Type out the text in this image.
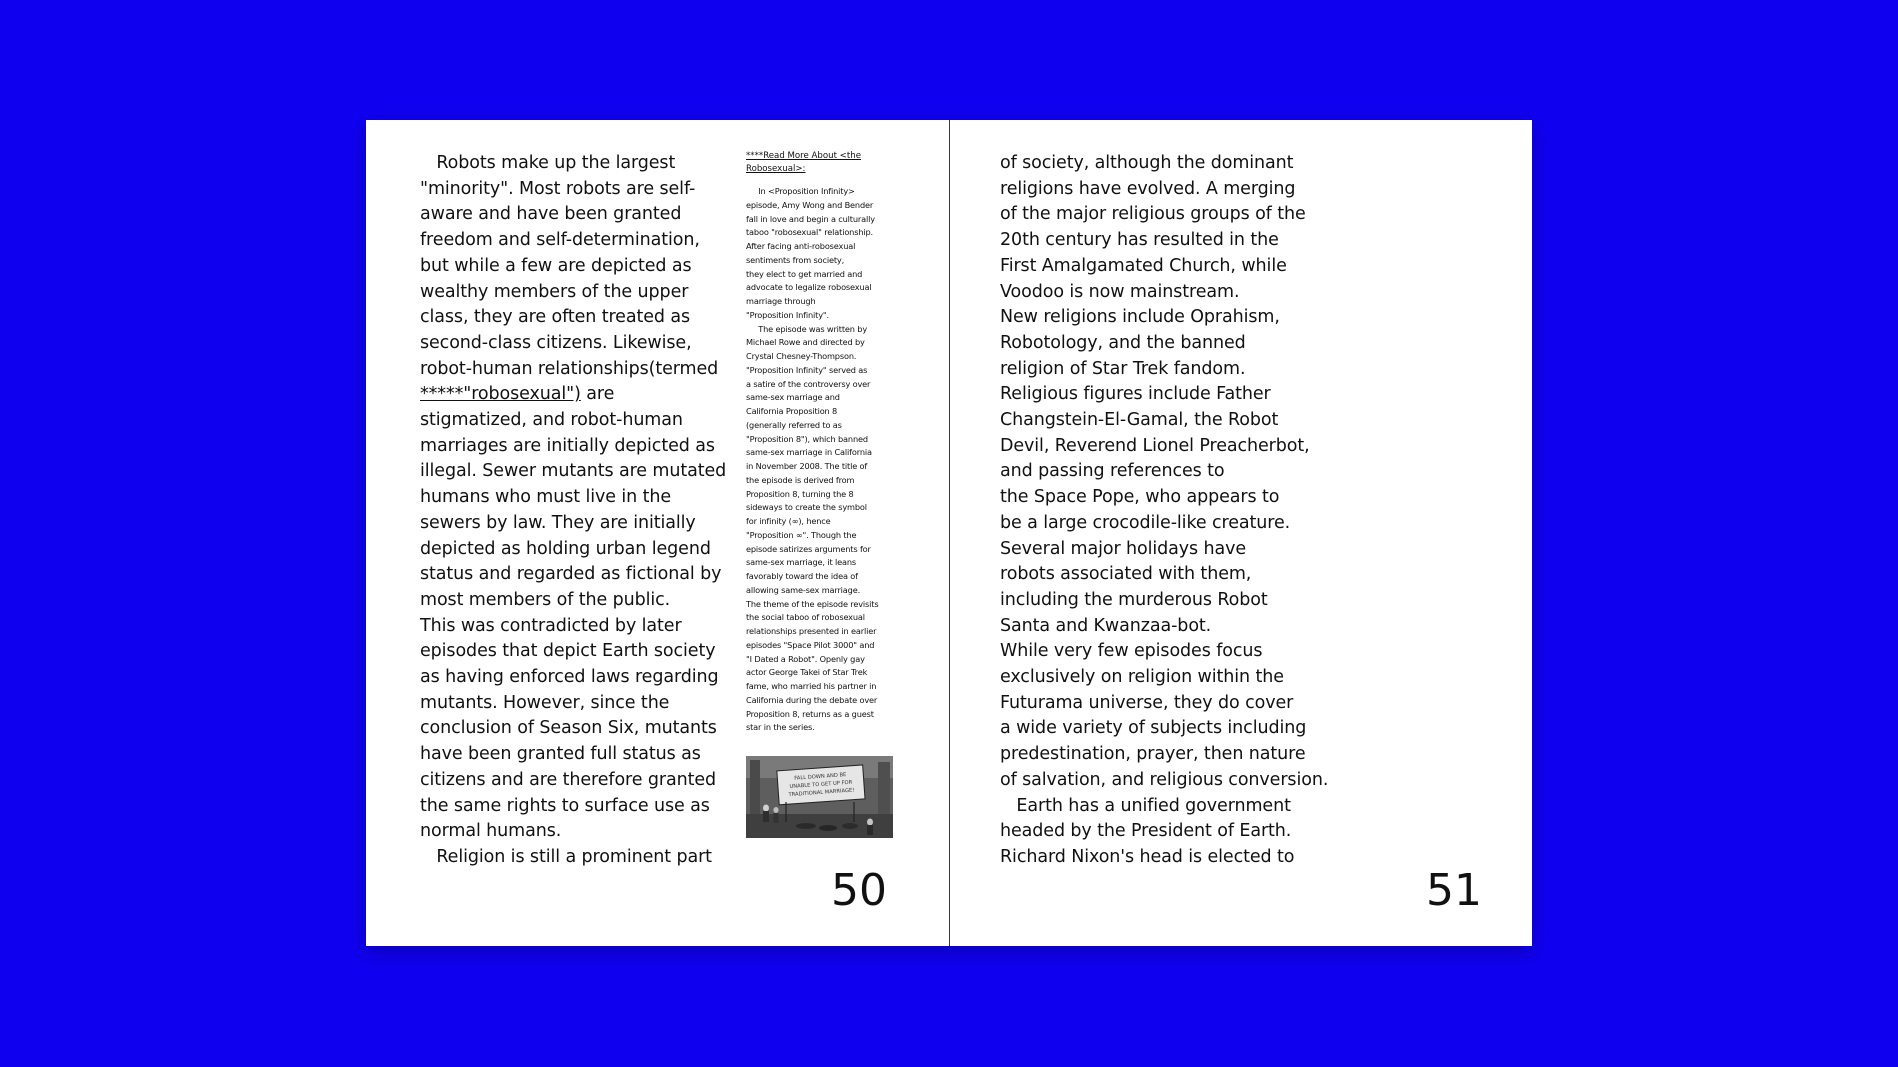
Robots make up the largest
"minority". Most robots are self-
aware and have been granted
freedom and self-determination,
but while a few are depicted as
wealthy members of the upper
class, they are often treated as
second-class citizens. Likewise,
robot-human relationships(termed
*****"robosexual") are
stigmatized, and robot-human
marriages are initially depicted as
illegal. Sewer mutants are mutated
humans who must live in the
sewers by law. They are initially
depicted as holding urban legend
status and regarded as fictional by
most members of the public.
This was contradicted by later
episodes that depict Earth society
as having enforced laws regarding
mutants. However, since the
conclusion of Season Six, mutants
have been granted full status as
citizens and are therefore granted
the same rights to surface use as
normal humans.
Religion is still a prominent part
****Read More About <the
Robosexual>:
In <Proposition Infinity>
episode, Amy Wong and Bender
fall in love and begin a culturally
taboo "robosexual" relationship.
After facing anti-robosexual
sentiments from society,
they elect to get married and
advocate to legalize robosexual
marriage through
"Proposition Infinity".
The episode was written by
Michael Rowe and directed by
Crystal Chesney-Thompson.
"Proposition Infinity" served as
a satire of the controversy over
same-sex marriage and
California Proposition 8
(generally referred to as
"Proposition 8"), which banned
same-sex marriage in California
in November 2008. The title of
the episode is derived from
Proposition 8, turning the 8
sideways to create the symbol
for infinity (∞), hence
"Proposition ∞". Though the
episode satirizes arguments for
same-sex marriage, it leans
favorably toward the idea of
allowing same-sex marriage.
The theme of the episode revisits
the social taboo of robosexual
relationships presented in earlier
episodes "Space Pilot 3000" and
"I Dated a Robot". Openly gay
actor George Takei of Star Trek
fame, who married his partner in
California during the debate over
Proposition 8, returns as a guest
star in the series.
FALL DOWN AND BE
UNABLE TO GET UP FOR
TRADITIONAL MARRIAGE!
50
of society, although the dominant
religions have evolved. A merging
of the major religious groups of the
20th century has resulted in the
First Amalgamated Church, while
Voodoo is now mainstream.
New religions include Oprahism,
Robotology, and the banned
religion of Star Trek fandom.
Religious figures include Father
Changstein-El-Gamal, the Robot
Devil, Reverend Lionel Preacherbot,
and passing references to
the Space Pope, who appears to
be a large crocodile-like creature.
Several major holidays have
robots associated with them,
including the murderous Robot
Santa and Kwanzaa-bot.
While very few episodes focus
exclusively on religion within the
Futurama universe, they do cover
a wide variety of subjects including
predestination, prayer, then nature
of salvation, and religious conversion.
Earth has a unified government
headed by the President of Earth.
Richard Nixon's head is elected to
51
